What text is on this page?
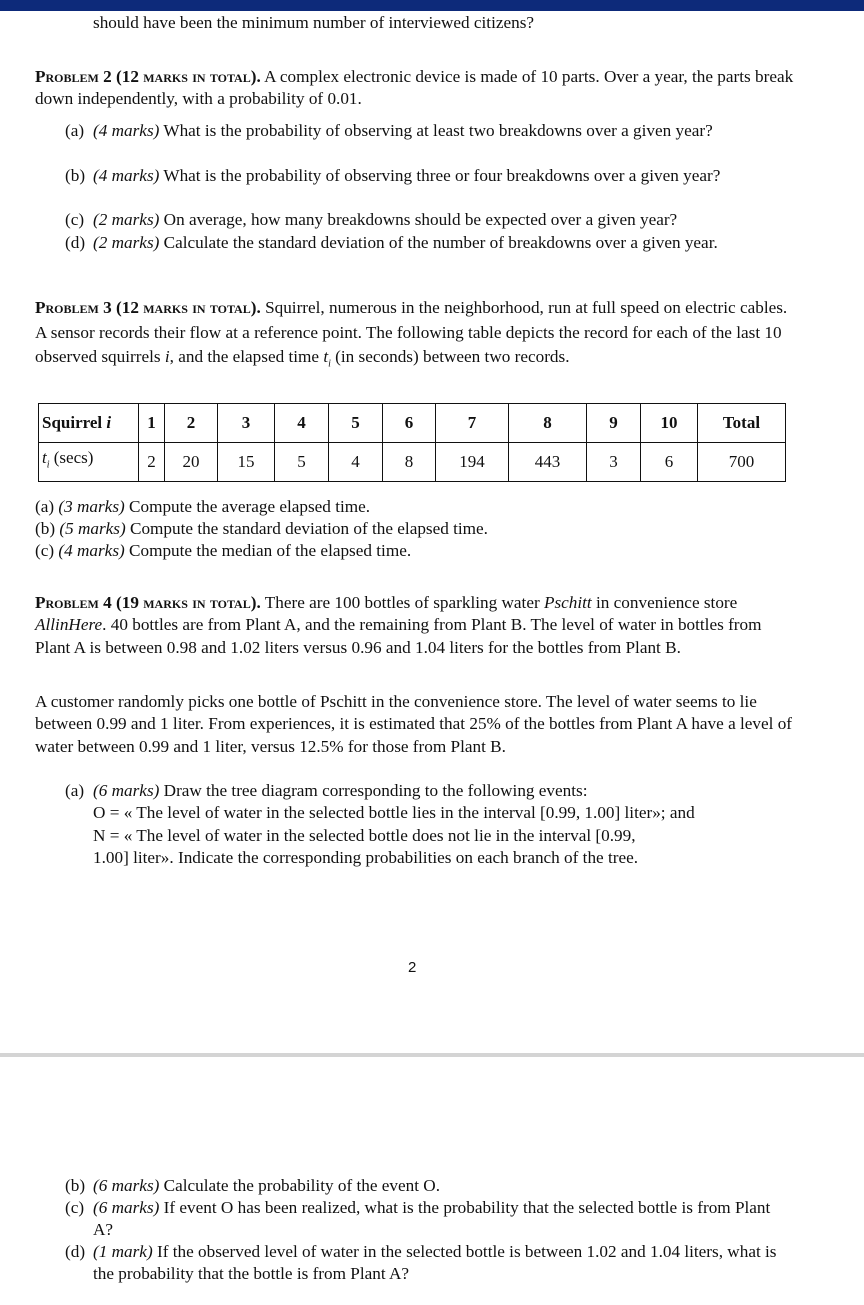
should have been the minimum number of interviewed citizens?
Problem 2 (12 marks in total). A complex electronic device is made of 10 parts. Over a year, the parts break down independently, with a probability of 0.01.
(a) (4 marks) What is the probability of observing at least two breakdowns over a given year?
(b) (4 marks) What is the probability of observing three or four breakdowns over a given year?
(c) (2 marks) On average, how many breakdowns should be expected over a given year?
(d) (2 marks) Calculate the standard deviation of the number of breakdowns over a given year.
Problem 3 (12 marks in total). Squirrel, numerous in the neighborhood, run at full speed on electric cables. A sensor records their flow at a reference point. The following table depicts the record for each of the last 10 observed squirrels i, and the elapsed time $t_i$ (in seconds) between two records.
Squirrel i	1	2	3	4	5	6	7	8	9	10	Total
$t_i$ (secs)	2	20	15	5	4	8	194	443	3	6	700
(a) (3 marks) Compute the average elapsed time.
(b) (5 marks) Compute the standard deviation of the elapsed time.
(c) (4 marks) Compute the median of the elapsed time.
Problem 4 (19 marks in total). There are 100 bottles of sparkling water Pschitt in convenience store AllinHere. 40 bottles are from Plant A, and the remaining from Plant B. The level of water in bottles from Plant A is between 0.98 and 1.02 liters versus 0.96 and 1.04 liters for the bottles from Plant B.
A customer randomly picks one bottle of Pschitt in the convenience store. The level of water seems to lie between 0.99 and 1 liter. From experiences, it is estimated that 25% of the bottles from Plant A have a level of water between 0.99 and 1 liter, versus 12.5% for those from Plant B.
(a) (6 marks) Draw the tree diagram corresponding to the following events:
O = « The level of water in the selected bottle lies in the interval [0.99, 1.00] liter»; and
N = « The level of water in the selected bottle does not lie in the interval [0.99,
1.00] liter». Indicate the corresponding probabilities on each branch of the tree.
2
(b) (6 marks) Calculate the probability of the event O.
(c) (6 marks) If event O has been realized, what is the probability that the selected bottle is from Plant A?
(d) (1 mark) If the observed level of water in the selected bottle is between 1.02 and 1.04 liters, what is the probability that the bottle is from Plant A?
